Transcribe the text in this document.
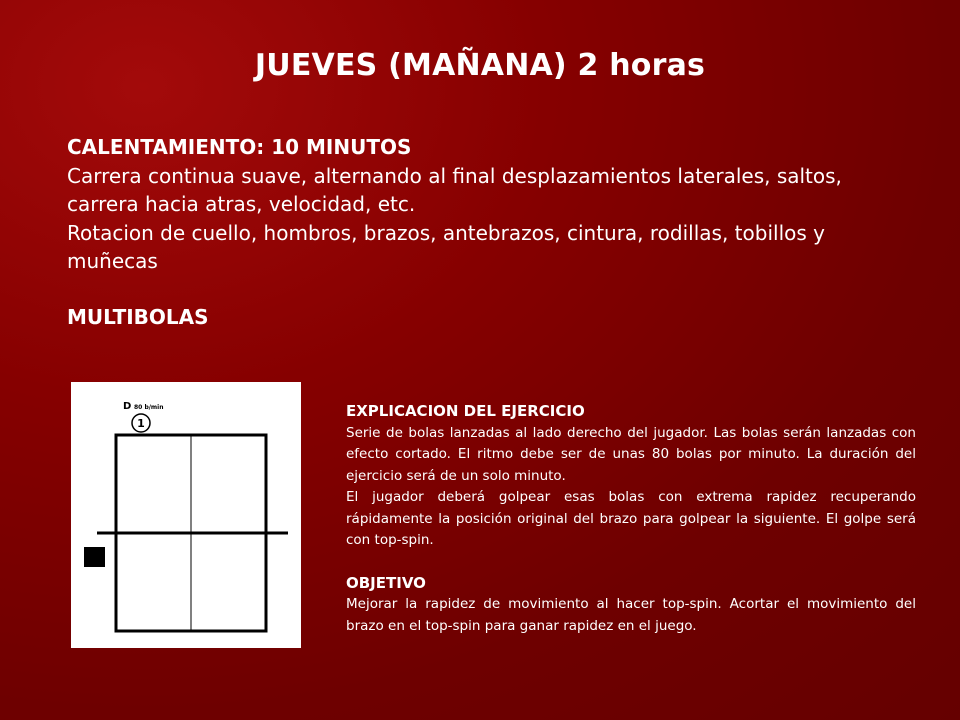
JUEVES (MAÑANA) 2 horas
CALENTAMIENTO: 10 MINUTOS
Carrera continua suave, alternando al final desplazamientos laterales, saltos, carrera hacia atras, velocidad, etc.
Rotacion de cuello, hombros, brazos, antebrazos, cintura, rodillas, tobillos y muñecas
MULTIBOLAS
D 80 b/min
1
EXPLICACION DEL EJERCICIO

Serie de bolas lanzadas al lado derecho del jugador. Las bolas serán lanzadas con efecto cortado. El ritmo debe ser de unas 80 bolas por minuto. La duración del ejercicio será de un solo minuto.

El jugador deberá golpear esas bolas con extrema rapidez recuperando rápidamente la posición original del brazo para golpear la siguiente. El golpe será con top-spin.

OBJETIVO

Mejorar la rapidez de movimiento al hacer top-spin. Acortar el movimiento del brazo en el top-spin para ganar rapidez en el juego.
